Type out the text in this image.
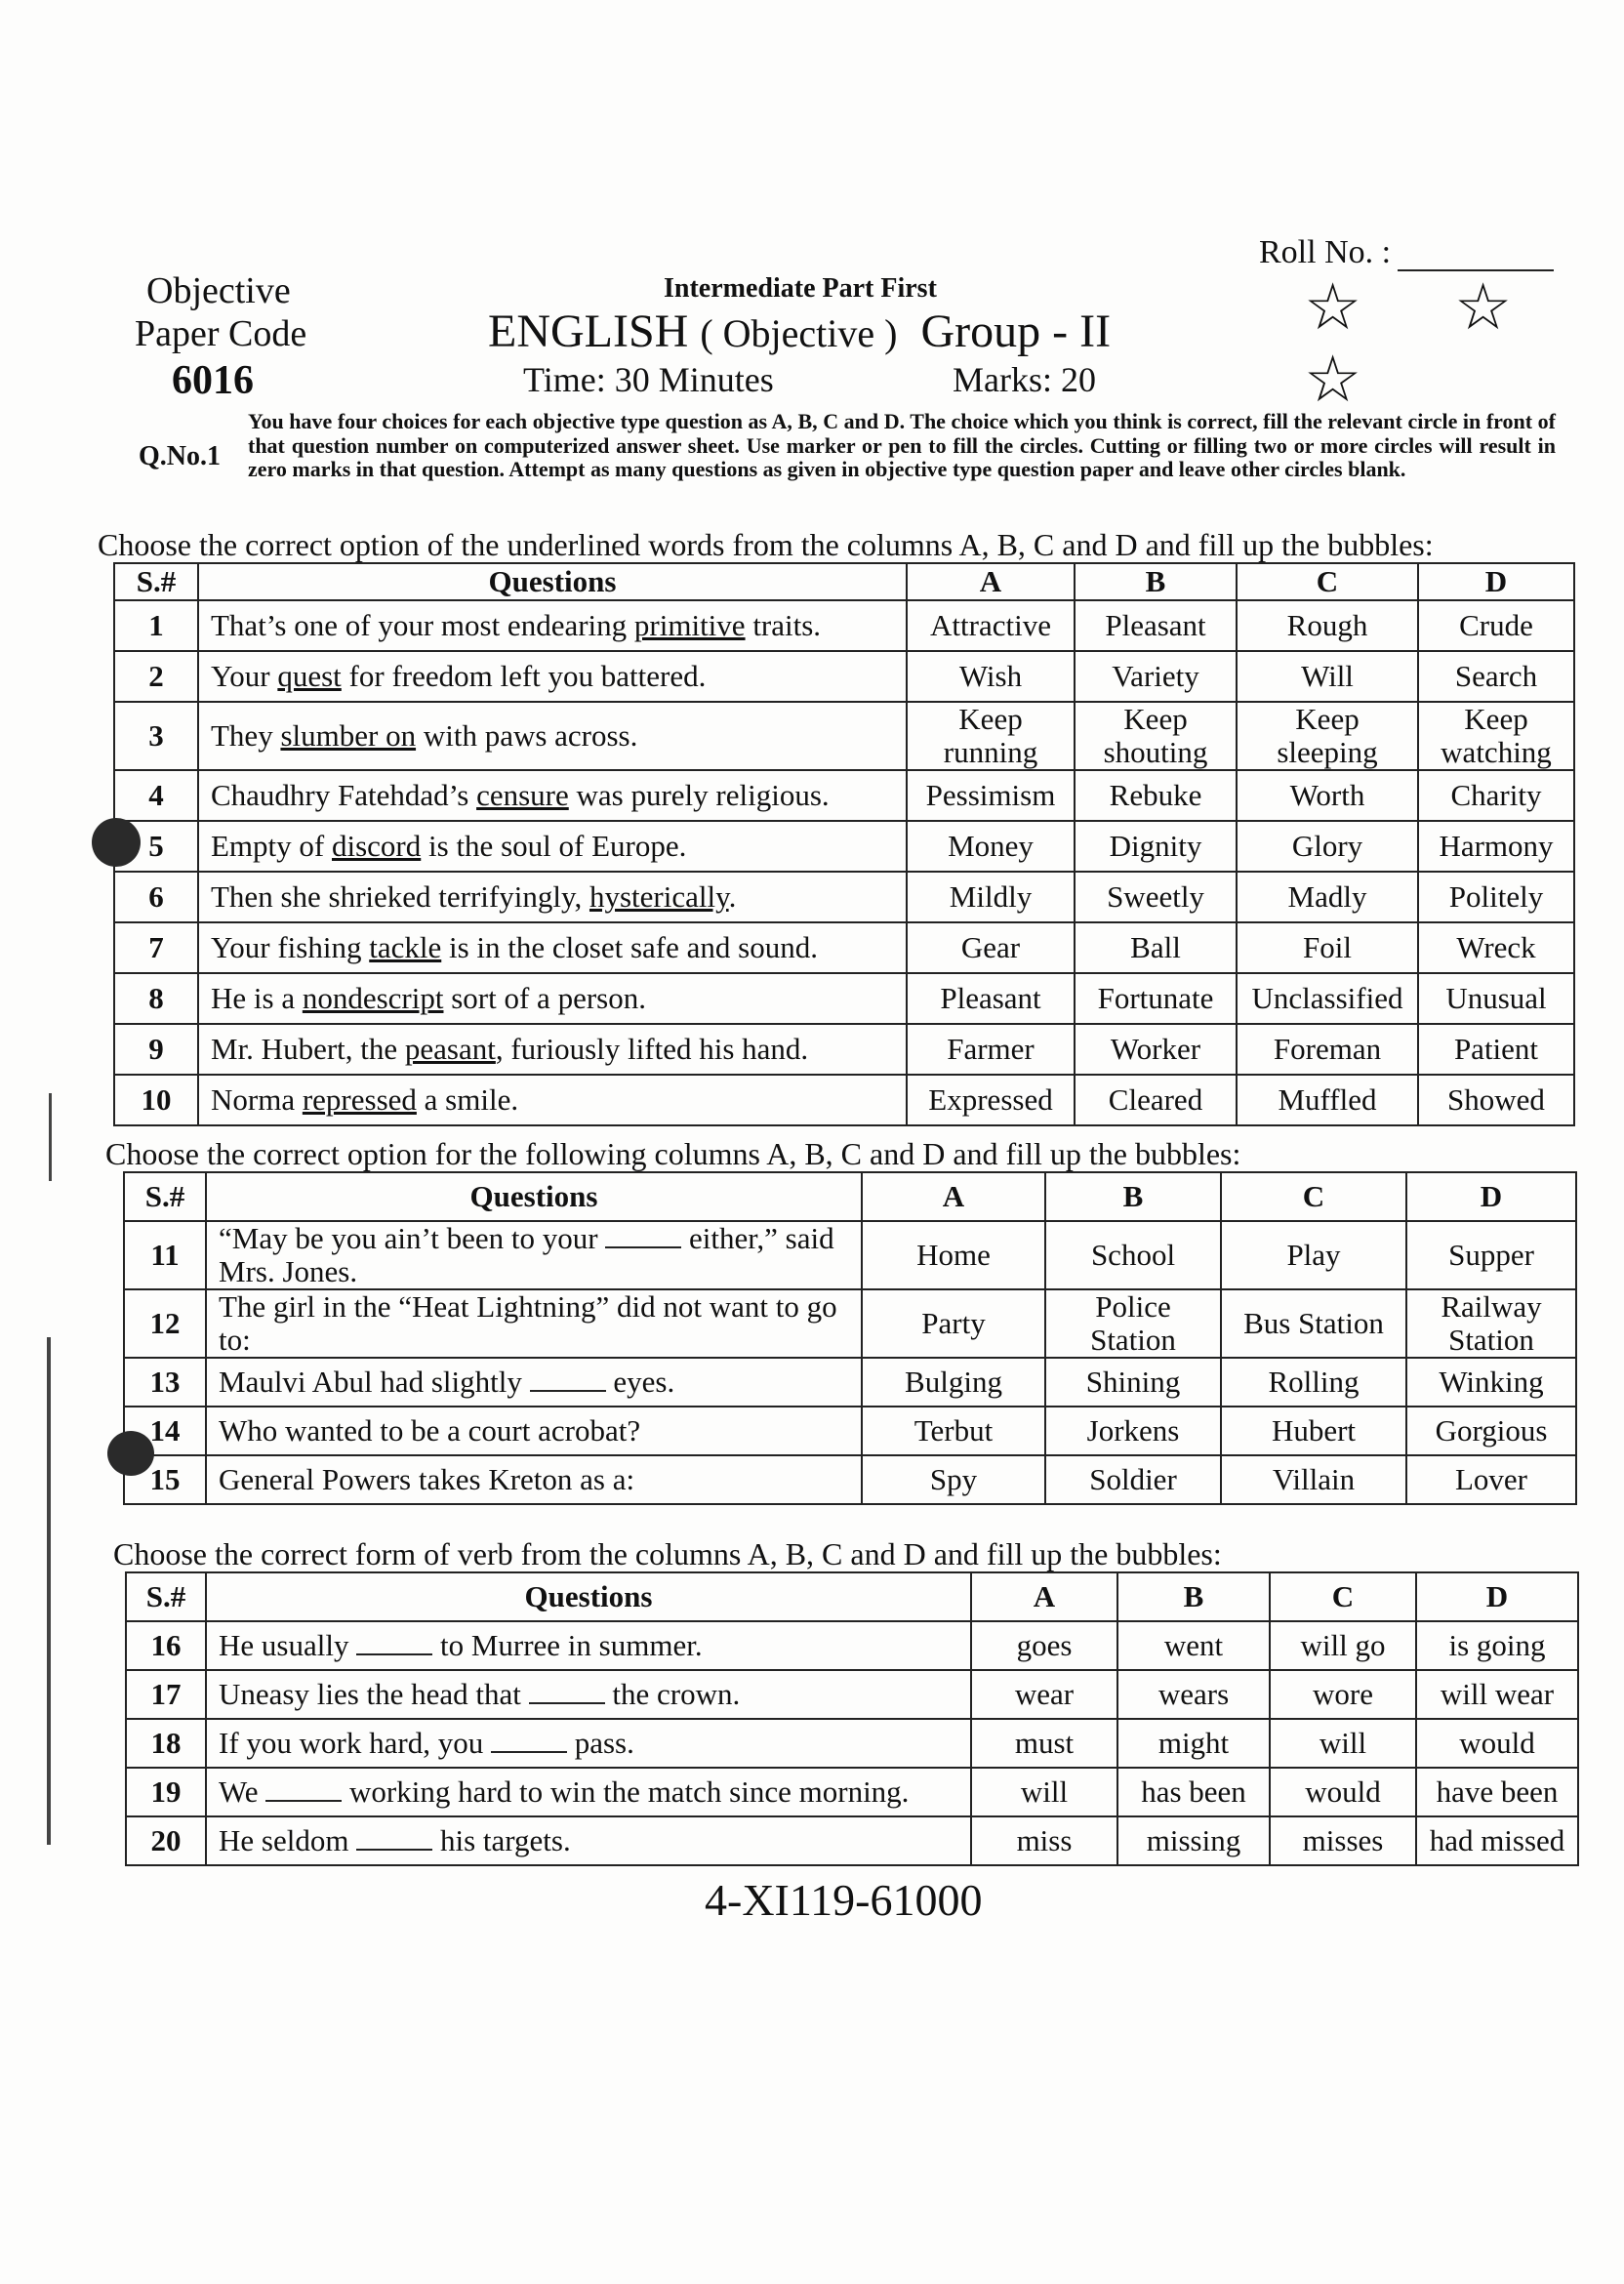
Objective
Paper Code
6016
Intermediate Part First
ENGLISH ( Objective ) Group - II
Time: 30 Minutes	Marks: 20
Roll No. :
☆ ☆
☆
Q.No.1
You have four choices for each objective type question as A, B, C and D. The choice which you think is correct, fill the relevant circle in front of that question number on computerized answer sheet. Use marker or pen to fill the circles. Cutting or filling two or more circles will result in zero marks in that question. Attempt as many questions as given in objective type question paper and leave other circles blank.
Choose the correct option of the underlined words from the columns A, B, C and D and fill up the bubbles:
S.#	Questions	A	B	C	D
1	That’s one of your most endearing primitive traits.	Attractive	Pleasant	Rough	Crude
2	Your quest for freedom left you battered.	Wish	Variety	Will	Search
3	They slumber on with paws across.	Keep running	Keep shouting	Keep sleeping	Keep watching
4	Chaudhry Fatehdad’s censure was purely religious.	Pessimism	Rebuke	Worth	Charity
5	Empty of discord is the soul of Europe.	Money	Dignity	Glory	Harmony
6	Then she shrieked terrifyingly, hysterically.	Mildly	Sweetly	Madly	Politely
7	Your fishing tackle is in the closet safe and sound.	Gear	Ball	Foil	Wreck
8	He is a nondescript sort of a person.	Pleasant	Fortunate	Unclassified	Unusual
9	Mr. Hubert, the peasant, furiously lifted his hand.	Farmer	Worker	Foreman	Patient
10	Norma repressed a smile.	Expressed	Cleared	Muffled	Showed
Choose the correct option for the following columns A, B, C and D and fill up the bubbles:
S.#	Questions	A	B	C	D
11	“May be you ain’t been to your either,” said Mrs. Jones.	Home	School	Play	Supper
12	The girl in the “Heat Lightning” did not want to go to:	Party	Police Station	Bus Station	Railway Station
13	Maulvi Abul had slightly eyes.	Bulging	Shining	Rolling	Winking
14	Who wanted to be a court acrobat?	Terbut	Jorkens	Hubert	Gorgious
15	General Powers takes Kreton as a:	Spy	Soldier	Villain	Lover
Choose the correct form of verb from the columns A, B, C and D and fill up the bubbles:
S.#	Questions	A	B	C	D
16	He usually to Murree in summer.	goes	went	will go	is going
17	Uneasy lies the head that the crown.	wear	wears	wore	will wear
18	If you work hard, you pass.	must	might	will	would
19	We working hard to win the match since morning.	will	has been	would	have been
20	He seldom his targets.	miss	missing	misses	had missed
4-XI119-61000
